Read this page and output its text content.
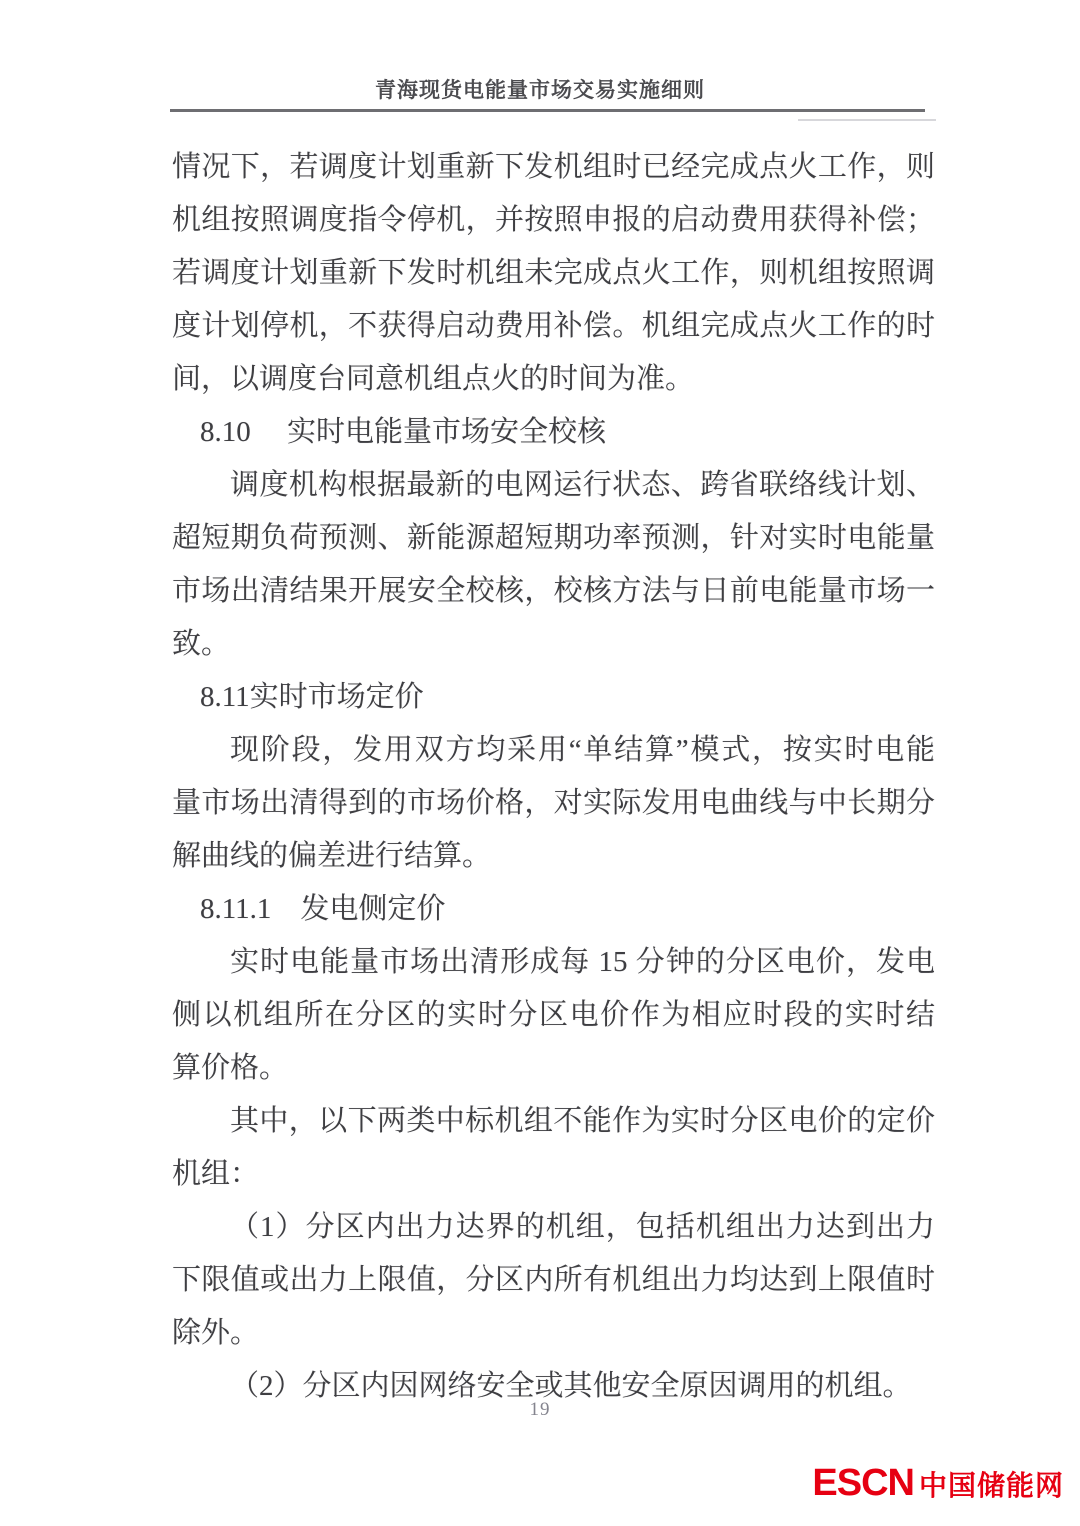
青海现货电能量市场交易实施细则
情况下，若调度计划重新下发机组时已经完成点火工作，则
机组按照调度指令停机，并按照申报的启动费用获得补偿；
若调度计划重新下发时机组未完成点火工作，则机组按照调
度计划停机，不获得启动费用补偿。机组完成点火工作的时
间，以调度台同意机组点火的时间为准。
8.10　 实时电能量市场安全校核
调度机构根据最新的电网运行状态、跨省联络线计划、
超短期负荷预测、新能源超短期功率预测，针对实时电能量
市场出清结果开展安全校核，校核方法与日前电能量市场一
致。
8.11实时市场定价
现阶段，发用双方均采用“单结算”模式，按实时电能
量市场出清得到的市场价格，对实际发用电曲线与中长期分
解曲线的偏差进行结算。
8.11.1　发电侧定价
实时电能量市场出清形成每 15 分钟的分区电价，发电
侧以机组所在分区的实时分区电价作为相应时段的实时结
算价格。
其中，以下两类中标机组不能作为实时分区电价的定价
机组：
（1）分区内出力达界的机组，包括机组出力达到出力
下限值或出力上限值，分区内所有机组出力均达到上限值时
除外。
（2）分区内因网络安全或其他安全原因调用的机组。
19
ESCN 中国储能网
